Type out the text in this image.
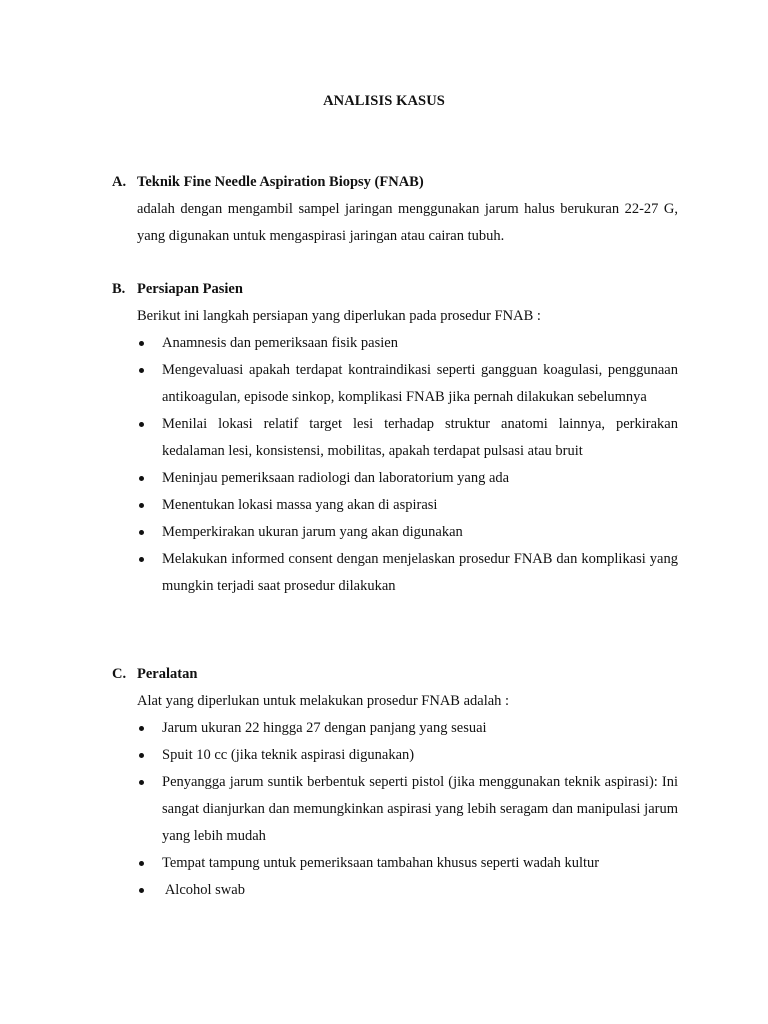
ANALISIS KASUS
A. Teknik Fine Needle Aspiration Biopsy (FNAB)
adalah dengan mengambil sampel jaringan menggunakan jarum halus berukuran 22-27 G, yang digunakan untuk mengaspirasi jaringan atau cairan tubuh.
B. Persiapan Pasien
Berikut ini langkah persiapan yang diperlukan pada prosedur FNAB :
Anamnesis dan pemeriksaan fisik pasien
Mengevaluasi apakah terdapat kontraindikasi seperti gangguan koagulasi, penggunaan antikoagulan, episode sinkop, komplikasi FNAB jika pernah dilakukan sebelumnya
Menilai lokasi relatif target lesi terhadap struktur anatomi lainnya, perkirakan kedalaman lesi, konsistensi, mobilitas, apakah terdapat pulsasi atau bruit
Meninjau pemeriksaan radiologi dan laboratorium yang ada
Menentukan lokasi massa yang akan di aspirasi
Memperkirakan ukuran jarum yang akan digunakan
Melakukan informed consent dengan menjelaskan prosedur FNAB dan komplikasi yang mungkin terjadi saat prosedur dilakukan
C. Peralatan
Alat yang diperlukan untuk melakukan prosedur FNAB adalah :
Jarum ukuran 22 hingga 27 dengan panjang yang sesuai
Spuit 10 cc (jika teknik aspirasi digunakan)
Penyangga jarum suntik berbentuk seperti pistol (jika menggunakan teknik aspirasi): Ini sangat dianjurkan dan memungkinkan aspirasi yang lebih seragam dan manipulasi jarum yang lebih mudah
Tempat tampung untuk pemeriksaan tambahan khusus seperti wadah kultur
Alcohol swab
